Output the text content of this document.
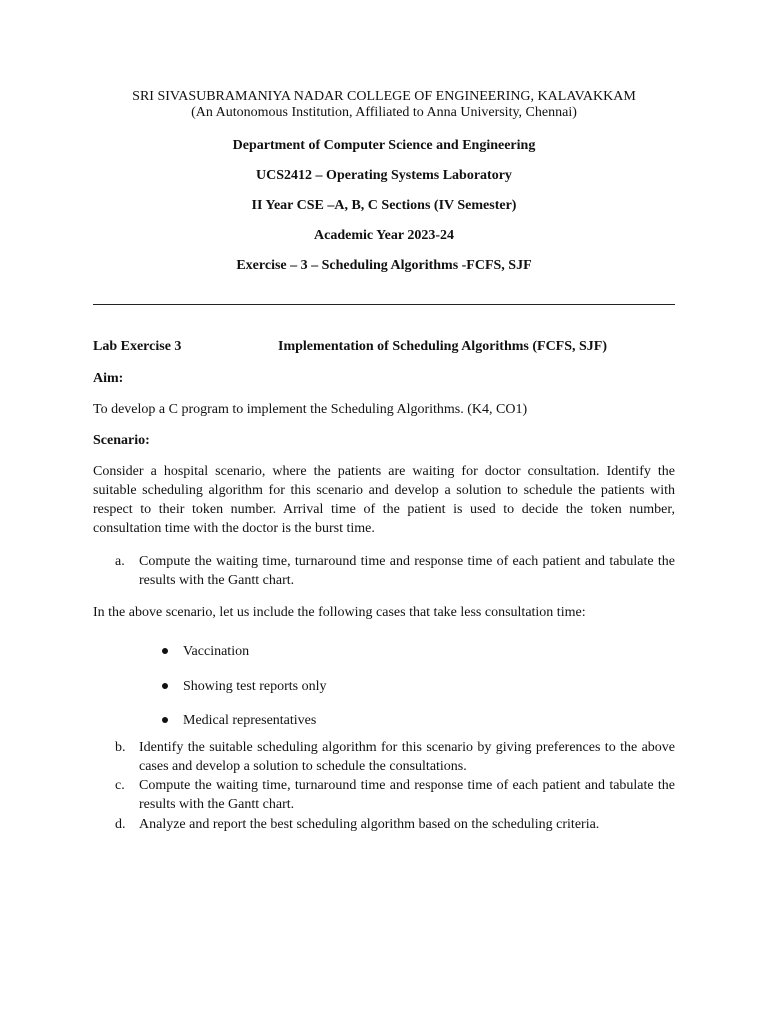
SRI SIVASUBRAMANIYA NADAR COLLEGE OF ENGINEERING, KALAVAKKAM
(An Autonomous Institution, Affiliated to Anna University, Chennai)
Department of Computer Science and Engineering
UCS2412 – Operating Systems Laboratory
II Year CSE –A, B, C Sections (IV Semester)
Academic Year 2023-24
Exercise – 3 – Scheduling Algorithms -FCFS, SJF
Lab Exercise 3	Implementation of Scheduling Algorithms (FCFS, SJF)
Aim:
To develop a C program to implement the Scheduling Algorithms. (K4, CO1)
Scenario:
Consider a hospital scenario, where the patients are waiting for doctor consultation. Identify the suitable scheduling algorithm for this scenario and develop a solution to schedule the patients with respect to their token number. Arrival time of the patient is used to decide the token number, consultation time with the doctor is the burst time.
a. Compute the waiting time, turnaround time and response time of each patient and tabulate the results with the Gantt chart.
In the above scenario, let us include the following cases that take less consultation time:
Vaccination
Showing test reports only
Medical representatives
b. Identify the suitable scheduling algorithm for this scenario by giving preferences to the above cases and develop a solution to schedule the consultations.
c. Compute the waiting time, turnaround time and response time of each patient and tabulate the results with the Gantt chart.
d. Analyze and report the best scheduling algorithm based on the scheduling criteria.
